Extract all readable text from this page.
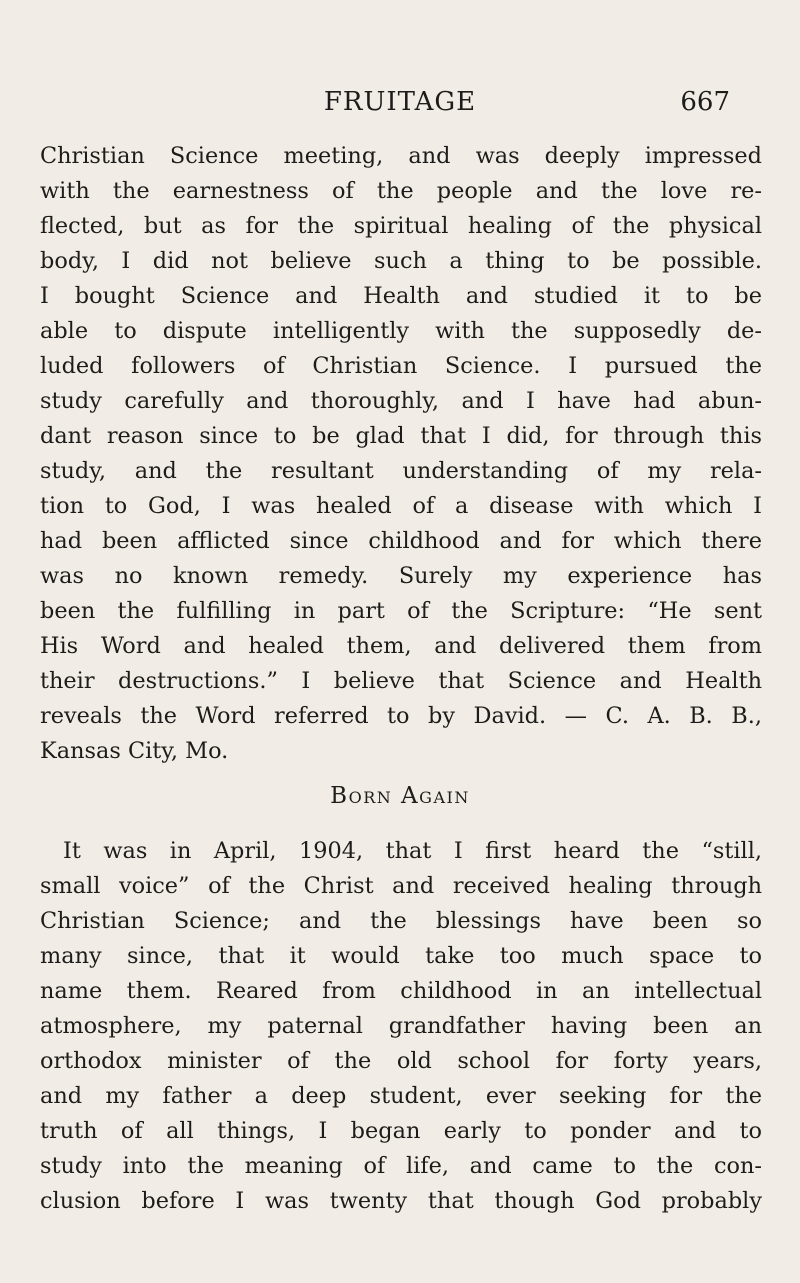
FRUITAGE	667
Christian Science meeting, and was deeply impressed
with the earnestness of the people and the love re-
flected, but as for the spiritual healing of the physical
body, I did not believe such a thing to be possible.
I bought Science and Health and studied it to be
able to dispute intelligently with the supposedly de-
luded followers of Christian Science. I pursued the
study carefully and thoroughly, and I have had abun-
dant reason since to be glad that I did, for through this
study, and the resultant understanding of my rela-
tion to God, I was healed of a disease with which I
had been afflicted since childhood and for which there
was no known remedy. Surely my experience has
been the fulfilling in part of the Scripture: “He sent
His Word and healed them, and delivered them from
their destructions.” I believe that Science and Health
reveals the Word referred to by David. — C. A. B. B.,
Kansas City, Mo.
Born Again
It was in April, 1904, that I first heard the “still,
small voice” of the Christ and received healing through
Christian Science; and the blessings have been so
many since, that it would take too much space to
name them. Reared from childhood in an intellectual
atmosphere, my paternal grandfather having been an
orthodox minister of the old school for forty years,
and my father a deep student, ever seeking for the
truth of all things, I began early to ponder and to
study into the meaning of life, and came to the con-
clusion before I was twenty that though God probably
